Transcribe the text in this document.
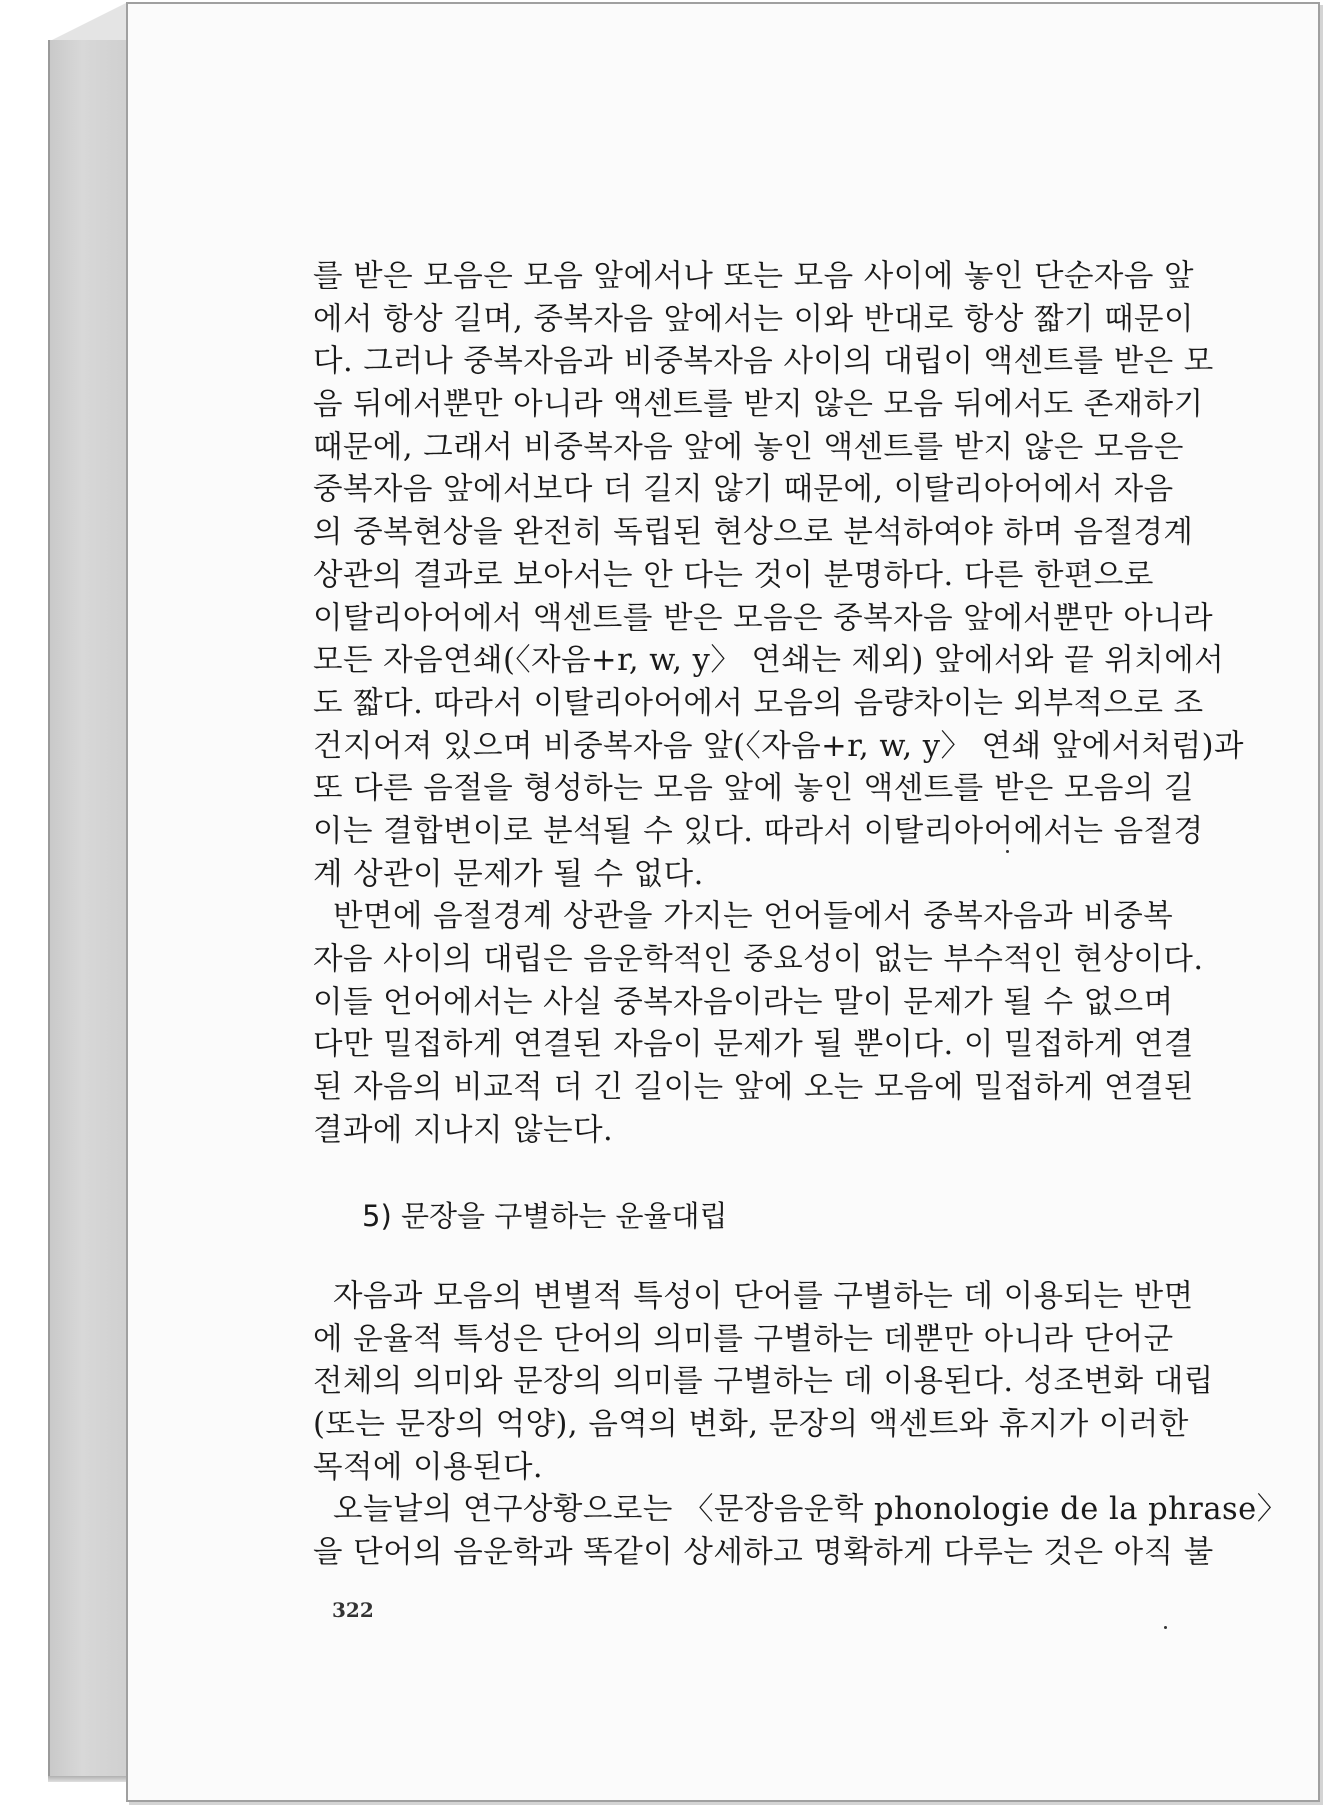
를 받은 모음은 모음 앞에서나 또는 모음 사이에 놓인 단순자음 앞
에서 항상 길며, 중복자음 앞에서는 이와 반대로 항상 짧기 때문이
다. 그러나 중복자음과 비중복자음 사이의 대립이 액센트를 받은 모
음 뒤에서뿐만 아니라 액센트를 받지 않은 모음 뒤에서도 존재하기
때문에, 그래서 비중복자음 앞에 놓인 액센트를 받지 않은 모음은
중복자음 앞에서보다 더 길지 않기 때문에, 이탈리아어에서 자음
의 중복현상을 완전히 독립된 현상으로 분석하여야 하며 음절경계
상관의 결과로 보아서는 안 다는 것이 분명하다. 다른 한편으로
이탈리아어에서 액센트를 받은 모음은 중복자음 앞에서뿐만 아니라
모든 자음연쇄(〈자음+r, w, y〉 연쇄는 제외) 앞에서와 끝 위치에서
도 짧다. 따라서 이탈리아어에서 모음의 음량차이는 외부적으로 조
건지어져 있으며 비중복자음 앞(〈자음+r, w, y〉 연쇄 앞에서처럼)과
또 다른 음절을 형성하는 모음 앞에 놓인 액센트를 받은 모음의 길
이는 결합변이로 분석될 수 있다. 따라서 이탈리아어에서는 음절경
계 상관이 문제가 될 수 없다.
반면에 음절경계 상관을 가지는 언어들에서 중복자음과 비중복
자음 사이의 대립은 음운학적인 중요성이 없는 부수적인 현상이다.
이들 언어에서는 사실 중복자음이라는 말이 문제가 될 수 없으며
다만 밀접하게 연결된 자음이 문제가 될 뿐이다. 이 밀접하게 연결
된 자음의 비교적 더 긴 길이는 앞에 오는 모음에 밀접하게 연결된
결과에 지나지 않는다.
5) 문장을 구별하는 운율대립
자음과 모음의 변별적 특성이 단어를 구별하는 데 이용되는 반면
에 운율적 특성은 단어의 의미를 구별하는 데뿐만 아니라 단어군
전체의 의미와 문장의 의미를 구별하는 데 이용된다. 성조변화 대립
(또는 문장의 억양), 음역의 변화, 문장의 액센트와 휴지가 이러한
목적에 이용된다.
오늘날의 연구상황으로는 〈문장음운학 phonologie de la phrase〉
을 단어의 음운학과 똑같이 상세하고 명확하게 다루는 것은 아직 불
322
